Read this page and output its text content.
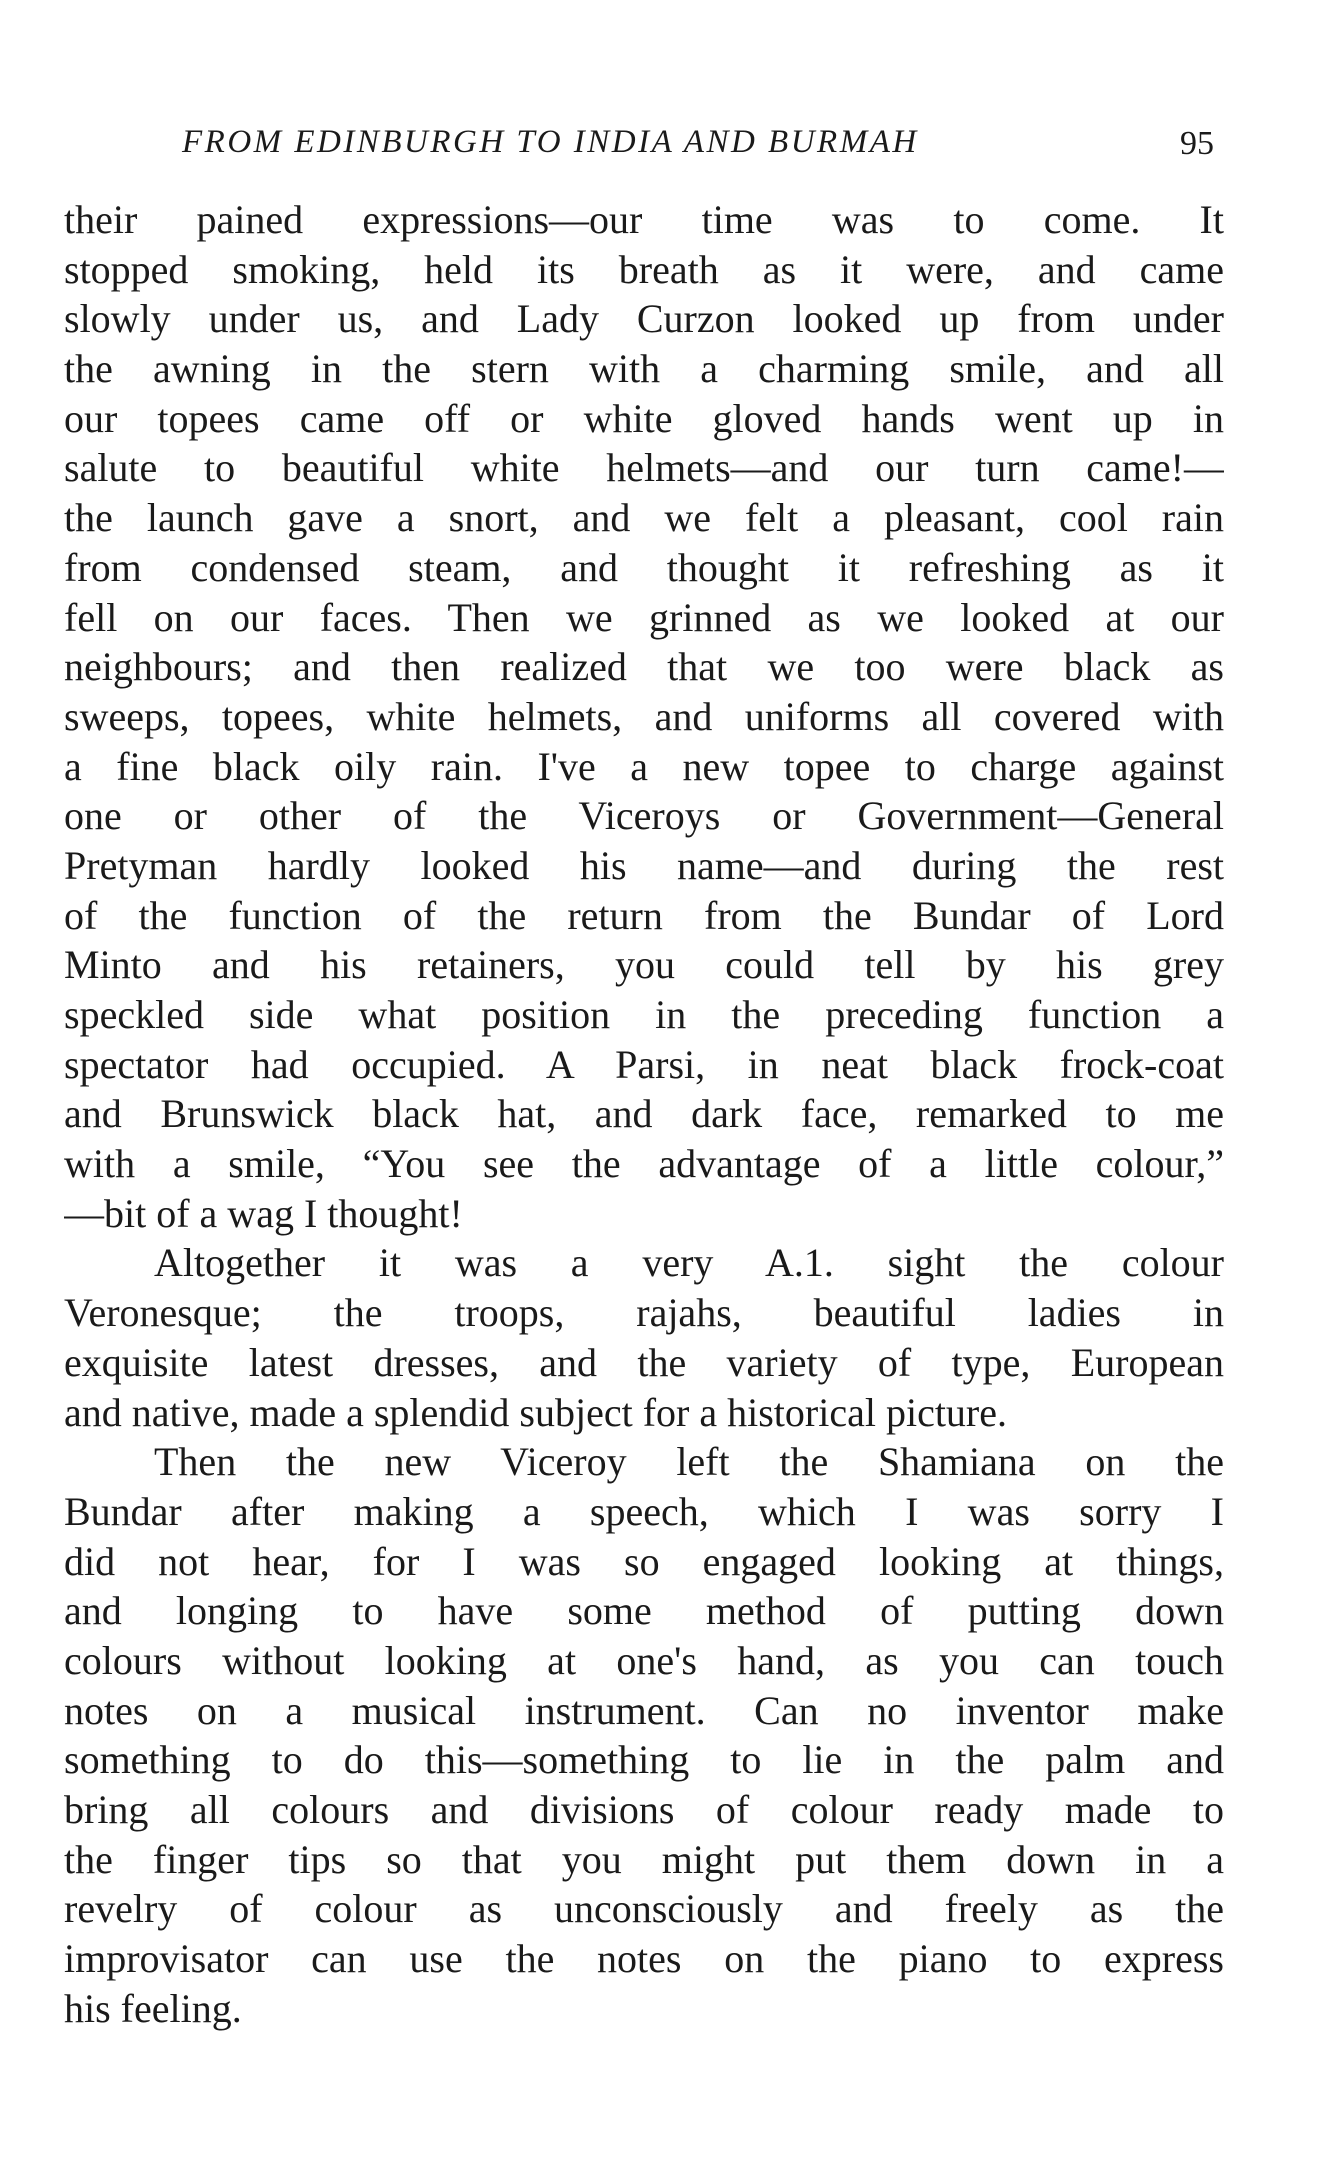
FROM EDINBURGH TO INDIA AND BURMAH	95
their pained expressions—our time was to come. It
stopped smoking, held its breath as it were, and came
slowly under us, and Lady Curzon looked up from under
the awning in the stern with a charming smile, and all
our topees came off or white gloved hands went up in
salute to beautiful white helmets—and our turn came!—
the launch gave a snort, and we felt a pleasant, cool rain
from condensed steam, and thought it refreshing as it
fell on our faces. Then we grinned as we looked at our
neighbours; and then realized that we too were black as
sweeps, topees, white helmets, and uniforms all covered with
a fine black oily rain. I've a new topee to charge against
one or other of the Viceroys or Government—General
Pretyman hardly looked his name—and during the rest
of the function of the return from the Bundar of Lord
Minto and his retainers, you could tell by his grey
speckled side what position in the preceding function a
spectator had occupied. A Parsi, in neat black frock-coat
and Brunswick black hat, and dark face, remarked to me
with a smile, “You see the advantage of a little colour,”
—bit of a wag I thought!
Altogether it was a very A.1. sight the colour
Veronesque; the troops, rajahs, beautiful ladies in
exquisite latest dresses, and the variety of type, European
and native, made a splendid subject for a historical picture.
Then the new Viceroy left the Shamiana on the
Bundar after making a speech, which I was sorry I
did not hear, for I was so engaged looking at things,
and longing to have some method of putting down
colours without looking at one's hand, as you can touch
notes on a musical instrument. Can no inventor make
something to do this—something to lie in the palm and
bring all colours and divisions of colour ready made to
the finger tips so that you might put them down in a
revelry of colour as unconsciously and freely as the
improvisator can use the notes on the piano to express
his feeling.
